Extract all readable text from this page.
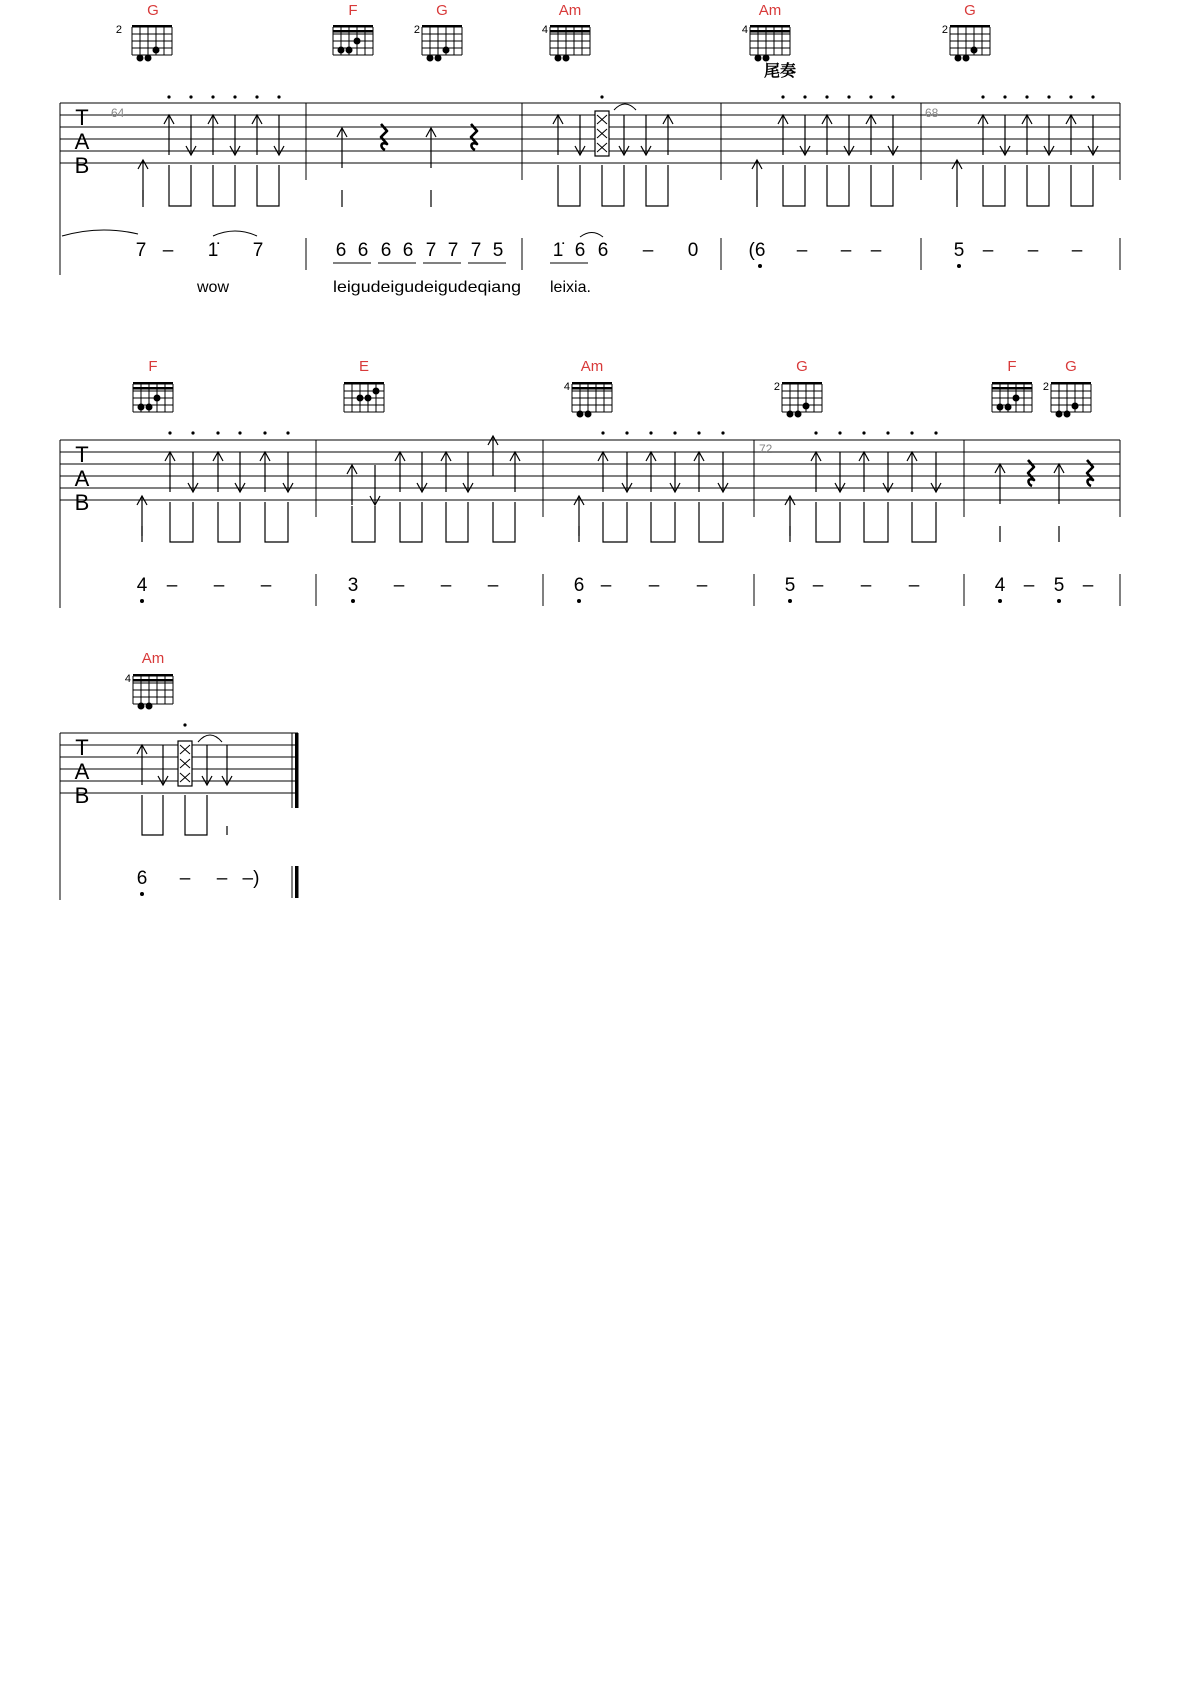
G
2
F	G
2
Am
4
Am
4
尾奏
G
2
T
A
B
64	68
7 – 1̇ 7
wow
6 6 6 6 7 7 7 5
leigudeigudeigudeqiang
1̇ 6 6 – 0
leixia.
(6 – – –	5 – – –
F	E	Am
4
G
2
F	G
2
T
A
B
72
4 – – –	3 – – –	6 – – –	5 – – –	4 – 5 –
Am
4
T
A
B
6 – – –)
